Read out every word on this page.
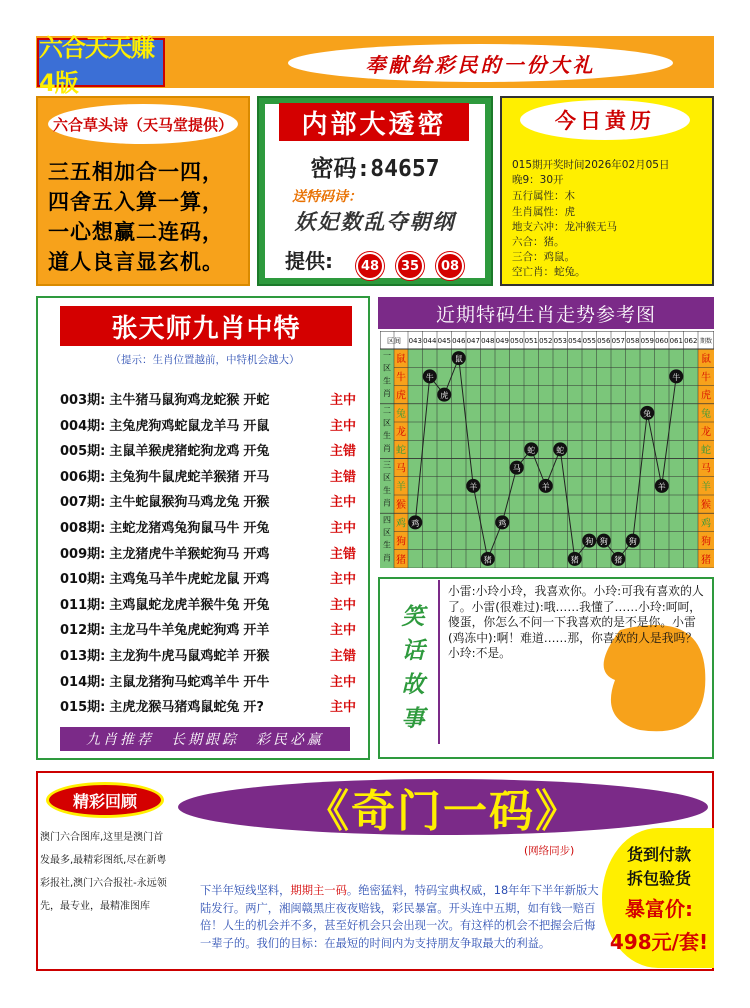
六合天天赚4版
奉献给彩民的一份大礼
六合草头诗（天马堂提供）
三五相加合一四，
四舍五入算一算，
一心想赢二连码，
道人良言显玄机。
内部大透密
密码:84657
送特码诗：
妖妃数乱夺朝纲
提供:	48	35	08
今日黄历
015期开奖时间2026年02月05日
晚9：30开
五行属性：木
生肖属性：虎
地支六冲：龙冲猴无马
六合：猪。
三合：鸡鼠。
空亡肖：蛇兔。
张天师九肖中特
（提示：生肖位置越前，中特机会越大）
003期: 主牛猪马鼠狗鸡龙蛇猴 开蛇	主中
004期: 主兔虎狗鸡蛇鼠龙羊马 开鼠	主中
005期: 主鼠羊猴虎猪蛇狗龙鸡 开兔	主错
006期: 主兔狗牛鼠虎蛇羊猴猪 开马	主错
007期: 主牛蛇鼠猴狗马鸡龙兔 开猴	主中
008期: 主蛇龙猪鸡兔狗鼠马牛 开兔	主中
009期: 主龙猪虎牛羊猴蛇狗马 开鸡	主错
010期: 主鸡兔马羊牛虎蛇龙鼠 开鸡	主中
011期: 主鸡鼠蛇龙虎羊猴牛兔 开兔	主中
012期: 主龙马牛羊兔虎蛇狗鸡 开羊	主中
013期: 主龙狗牛虎马鼠鸡蛇羊 开猴	主错
014期: 主鼠龙猪狗马蛇鸡羊牛 开牛	主中
015期: 主虎龙猴马猪鸡鼠蛇兔 开?	主中
九肖推荐　长期跟踪　彩民必赢
近期特码生肖走势参考图
区间	期数
043 044 045 046 047 048 049 050 051 052 053 054 055 056 057 058 059 060 061 062
一
区
生
肖
二
区
生
肖
三
区
生
肖
四
区
生
肖
鼠	鼠
牛	牛
虎	虎
兔	兔
龙	龙
蛇	蛇
马	马
羊	羊
猴	猴
鸡	鸡
狗	狗
猪	猪
鸡
牛
虎
鼠
羊
猪
鸡
马
蛇
羊
蛇
猪
狗 狗
猪
狗
兔
羊
牛
笑
话
故
事
小雷:小玲小玲，我喜欢你。小玲:可我有喜欢的人了。小雷(很难过):哦……我懂了……小玲:呵呵，傻蛋，你怎么不问一下我喜欢的是不是你。小雷(鸡冻中):啊！难道……那，你喜欢的人是我吗？小玲:不是。
精彩回顾
澳门六合图库,这里是澳门首发最多,最精彩图纸,尽在新粤彩报社,澳门六合报社-永远领先，最专业，最精准图库
《奇门一码》
(网络同步)
下半年短线坚料，期期主一码。绝密猛料，特码宝典权威，18年年下半年新版大陆发行。两广，湘闽赣黑庄夜夜赔钱，彩民暴富。开头连中五期，如有钱一赔百倍！人生的机会并不多，甚至好机会只会出现一次。有这样的机会不把握会后悔一辈子的。我们的目标：在最短的时间内为支持朋友争取最大的利益。
货到付款
拆包验货
暴富价:
498元/套!
